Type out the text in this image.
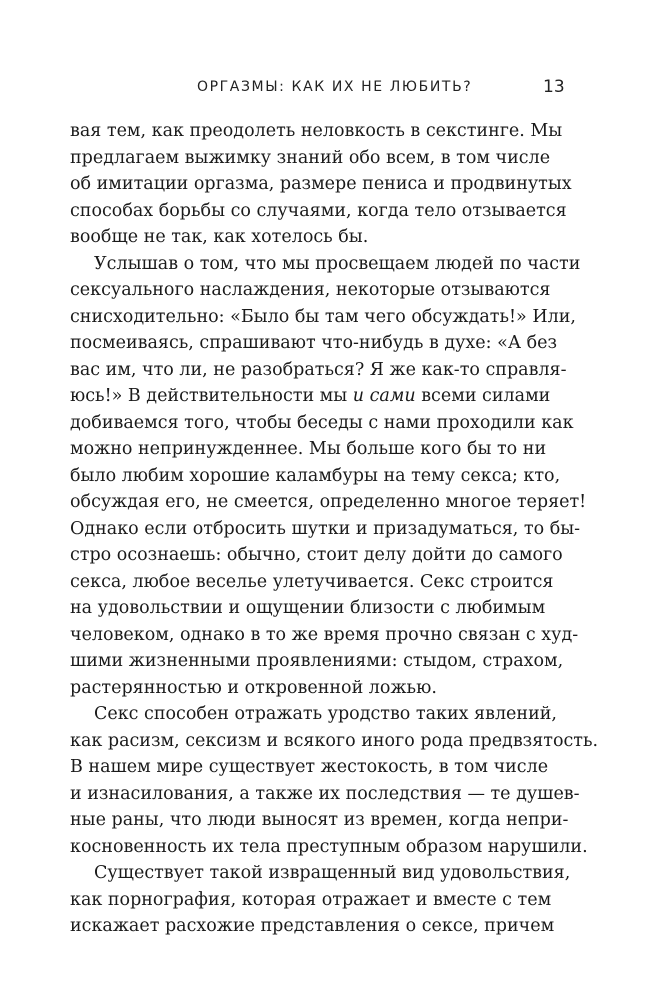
ОРГАЗМЫ: КАК ИХ НЕ ЛЮБИТЬ?	13
вая тем, как преодолеть неловкость в секстинге. Мы
предлагаем выжимку знаний обо всем, в том числе
об имитации оргазма, размере пениса и продвинутых
способах борьбы со случаями, когда тело отзывается
вообще не так, как хотелось бы.
Услышав о том, что мы просвещаем людей по части
сексуального наслаждения, некоторые отзываются
снисходительно: «Было бы там чего обсуждать!» Или,
посмеиваясь, спрашивают что-нибудь в духе: «А без
вас им, что ли, не разобраться? Я же как-то справля-
юсь!» В действительности мы и сами всеми силами
добиваемся того, чтобы беседы с нами проходили как
можно непринужденнее. Мы больше кого бы то ни
было любим хорошие каламбуры на тему секса; кто,
обсуждая его, не смеется, определенно многое теряет!
Однако если отбросить шутки и призадуматься, то бы-
стро осознаешь: обычно, стоит делу дойти до самого
секса, любое веселье улетучивается. Секс строится
на удовольствии и ощущении близости с любимым
человеком, однако в то же время прочно связан с худ-
шими жизненными проявлениями: стыдом, страхом,
растерянностью и откровенной ложью.
Секс способен отражать уродство таких явлений,
как расизм, сексизм и всякого иного рода предвзятость.
В нашем мире существует жестокость, в том числе
и изнасилования, а также их последствия — те душев-
ные раны, что люди выносят из времен, когда непри-
косновенность их тела преступным образом нарушили.
Существует такой извращенный вид удовольствия,
как порнография, которая отражает и вместе с тем
искажает расхожие представления о сексе, причем
